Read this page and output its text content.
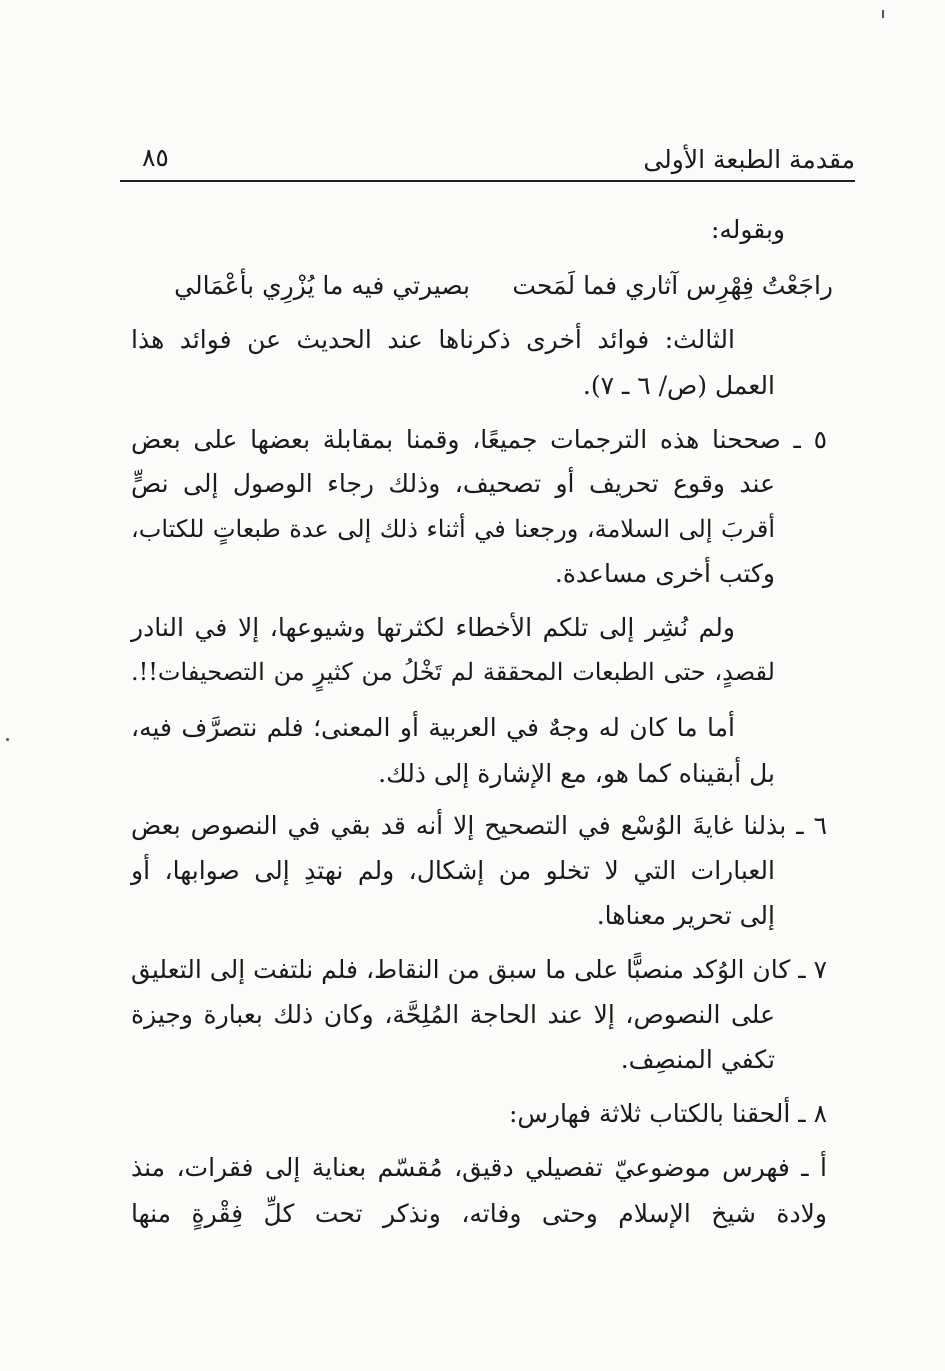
مقدمة الطبعة الأولى
٨٥
وبقوله:
راجَعْتُ فِهْرِس آثاري فما لَمَحت
بصيرتي فيه ما يُزْرِي بأعْمَالي
الثالث: فوائد أخرى ذكرناها عند الحديث عن فوائد هذا
العمل (ص/ ٦ ـ ٧).
٥ ـ صححنا هذه الترجمات جميعًا، وقمنا بمقابلة بعضها على بعض
عند وقوع تحريف أو تصحيف، وذلك رجاء الوصول إلى نصٍّ
أقربَ إلى السلامة، ورجعنا في أثناء ذلك إلى عدة طبعاتٍ للكتاب،
وكتب أخرى مساعدة.
ولم نُشِر إلى تلكم الأخطاء لكثرتها وشيوعها، إلا في النادر
لقصدٍ، حتى الطبعات المحققة لم تَخْلُ من كثيرٍ من التصحيفات!!.
أما ما كان له وجهٌ في العربية أو المعنى؛ فلم نتصرَّف فيه،
بل أبقيناه كما هو، مع الإشارة إلى ذلك.
٦ ـ بذلنا غايةَ الوُسْع في التصحيح إلا أنه قد بقي في النصوص بعض
العبارات التي لا تخلو من إشكال، ولم نهتدِ إلى صوابها، أو
إلى تحرير معناها.
٧ ـ كان الوُكد منصبًّا على ما سبق من النقاط، فلم نلتفت إلى التعليق
على النصوص، إلا عند الحاجة المُلِحَّة، وكان ذلك بعبارة وجيزة
تكفي المنصِف.
٨ ـ ألحقنا بالكتاب ثلاثة فهارس:
أ ـ فهرس موضوعيّ تفصيلي دقيق، مُقسّم بعناية إلى فقرات، منذ
ولادة شيخ الإسلام وحتى وفاته، ونذكر تحت كلِّ فِقْرةٍ منها
